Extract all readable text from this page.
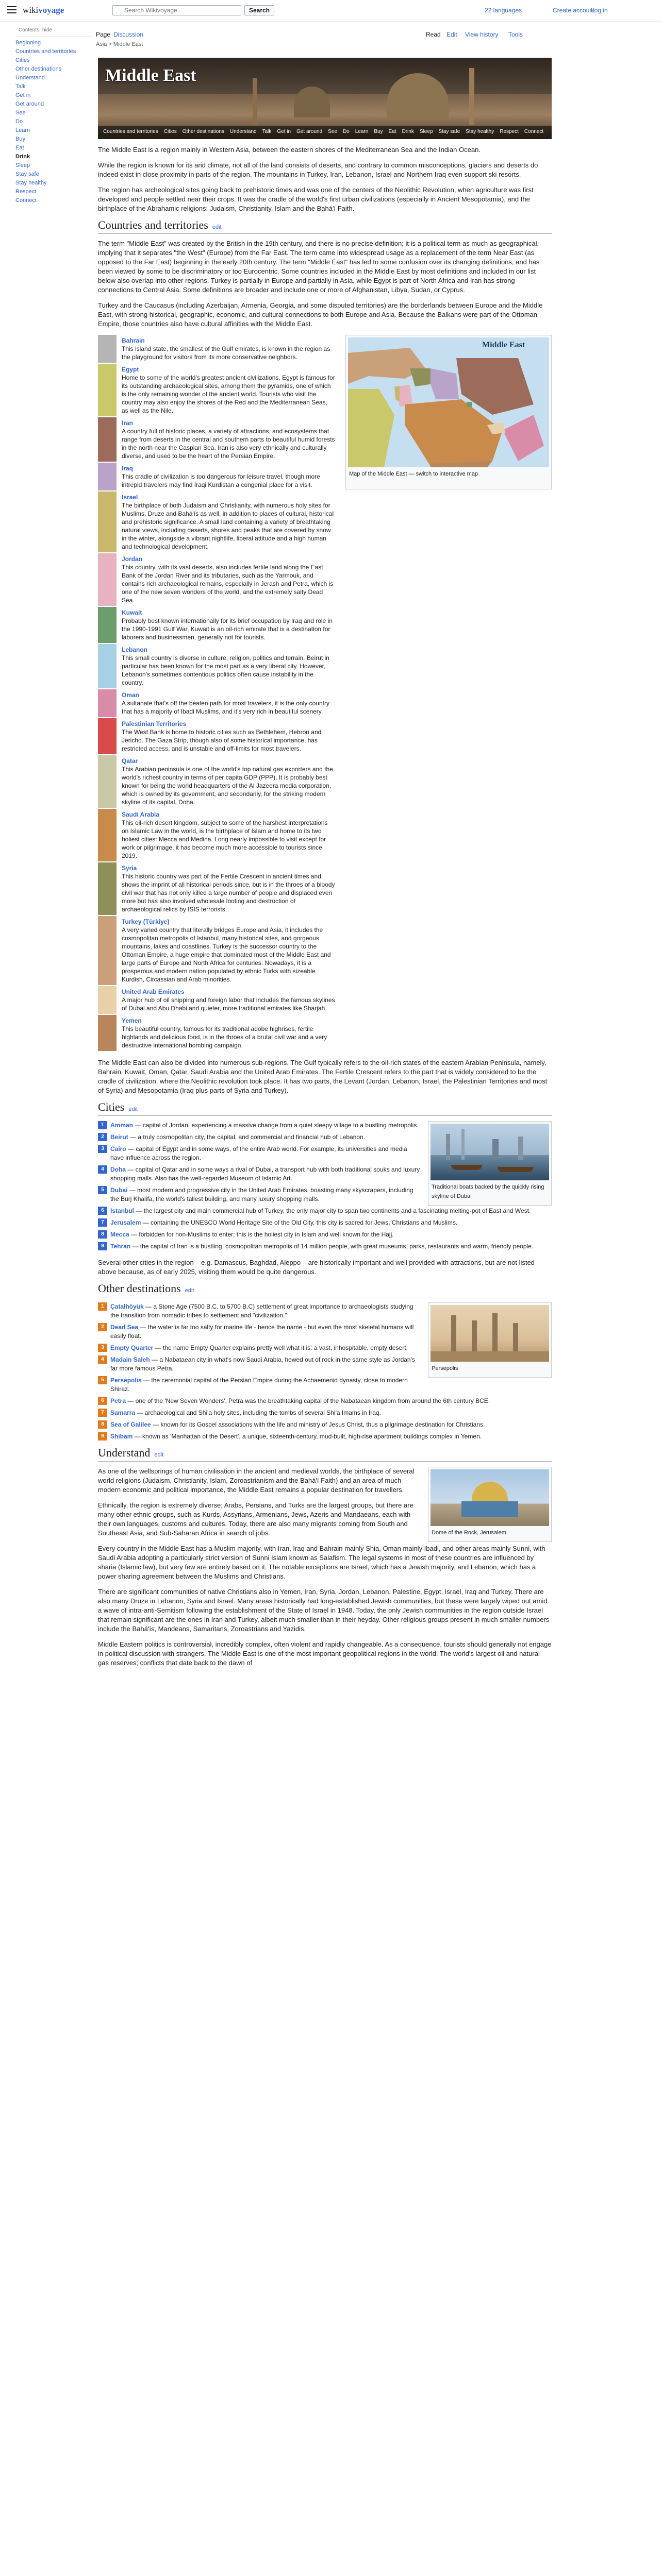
wikivoyage
Search Wikivoyage	Search	22 languages	Create account
Log in
Contents hide
Beginning
Countries and territories
Cities
Other destinations
Understand
Talk
Get in
Get around
See
Do
Learn
Buy
Eat
Drink
Sleep
Stay safe
Stay healthy
Respect
Connect
Page Discussion	Read Edit View history Tools
Asia > Middle East
Middle East
Countries and territories Cities Other destinations Understand Talk Get in Get around See Do Learn Buy Eat Drink Sleep Stay safe Stay healthy Respect Connect

The Middle East is a region mainly in Western Asia, between the eastern shores of the Mediterranean Sea and the Indian Ocean.

While the region is known for its arid climate, not all of the land consists of deserts, and contrary to common misconceptions, glaciers and deserts do indeed exist in close proximity in parts of the region. The mountains in Turkey, Iran, Lebanon, Israel and Northern Iraq even support ski resorts.

The region has archeological sites going back to prehistoric times and was one of the centers of the Neolithic Revolution, when agriculture was first developed and people settled near their crops. It was the cradle of the world's first urban civilizations (especially in Ancient Mesopotamia), and the birthplace of the Abrahamic religions: Judaism, Christianity, Islam and the Bahá'í Faith.

Countries and territories edit

The term "Middle East" was created by the British in the 19th century, and there is no precise definition; it is a political term as much as geographical, implying that it separates "the West" (Europe) from the Far East. The term came into widespread usage as a replacement of the term Near East (as opposed to the Far East) beginning in the early 20th century. The term "Middle East" has led to some confusion over its changing definitions, and has been viewed by some to be discriminatory or too Eurocentric. Some countries included in the Middle East by most definitions and included in our list below also overlap into other regions. Turkey is partially in Europe and partially in Asia, while Egypt is part of North Africa and Iran has strong connections to Central Asia. Some definitions are broader and include one or more of Afghanistan, Libya, Sudan, or Cyprus.

Turkey and the Caucasus (including Azerbaijan, Armenia, Georgia, and some disputed territories) are the borderlands between Europe and the Middle East, with strong historical, geographic, economic, and cultural connections to both Europe and Asia. Because the Balkans were part of the Ottoman Empire, those countries also have cultural affinities with the Middle East.

Middle East
Map of the Middle East — switch to interactive map
Bahrain
This island state, the smallest of the Gulf emirates, is known in the region as the playground for visitors from its more conservative neighbors.
Egypt
Home to some of the world's greatest ancient civilizations, Egypt is famous for its outstanding archaeological sites, among them the pyramids, one of which is the only remaining wonder of the ancient world. Tourists who visit the country may also enjoy the shores of the Red and the Mediterranean Seas, as well as the Nile.
Iran
A country full of historic places, a variety of attractions, and ecosystems that range from deserts in the central and southern parts to beautiful humid forests in the north near the Caspian Sea. Iran is also very ethnically and culturally diverse, and used to be the heart of the Persian Empire.
Iraq
This cradle of civilization is too dangerous for leisure travel, though more intrepid travelers may find Iraqi Kurdistan a congenial place for a visit.
Israel
The birthplace of both Judaism and Christianity, with numerous holy sites for Muslims, Druze and Bahá'ís as well, in addition to places of cultural, historical and prehistoric significance. A small land containing a variety of breathtaking natural views, including deserts, shores and peaks that are covered by snow in the winter, alongside a vibrant nightlife, liberal attitude and a high human and technological development.
Jordan
This country, with its vast deserts, also includes fertile land along the East Bank of the Jordan River and its tributaries, such as the Yarmouk, and contains rich archaeological remains, especially in Jerash and Petra, which is one of the new seven wonders of the world, and the extremely salty Dead Sea.
Kuwait
Probably best known internationally for its brief occupation by Iraq and role in the 1990-1991 Gulf War, Kuwait is an oil-rich emirate that is a destination for laborers and businessmen, generally not for tourists.
Lebanon
This small country is diverse in culture, religion, politics and terrain. Beirut in particular has been known for the most part as a very liberal city. However, Lebanon's sometimes contentious politics often cause instability in the country.
Oman
A sultanate that's off the beaten path for most travelers, it is the only country that has a majority of Ibadi Muslims, and it's very rich in beautiful scenery.
Palestinian Territories
The West Bank is home to historic cities such as Bethlehem, Hebron and Jericho. The Gaza Strip, though also of some historical importance, has restricted access, and is unstable and off-limits for most travelers.
Qatar
This Arabian peninsula is one of the world's top natural gas exporters and the world's richest country in terms of per capita GDP (PPP). It is probably best known for being the world headquarters of the Al Jazeera media corporation, which is owned by its government, and secondarily, for the striking modern skyline of its capital, Doha.
Saudi Arabia
This oil-rich desert kingdom, subject to some of the harshest interpretations on Islamic Law in the world, is the birthplace of Islam and home to its two holiest cities: Mecca and Medina. Long nearly impossible to visit except for work or pilgrimage, it has become much more accessible to tourists since 2019.
Syria
This historic country was part of the Fertile Crescent in ancient times and shows the imprint of all historical periods since, but is in the throes of a bloody civil war that has not only killed a large number of people and displaced even more but has also involved wholesale looting and destruction of archaeological relics by ISIS terrorists.
Turkey (Türkiye)
A very varied country that literally bridges Europe and Asia, it includes the cosmopolitan metropolis of Istanbul, many historical sites, and gorgeous mountains, lakes and coastlines. Turkey is the successor country to the Ottoman Empire, a huge empire that dominated most of the Middle East and large parts of Europe and North Africa for centuries. Nowadays, it is a prosperous and modern nation populated by ethnic Turks with sizeable Kurdish, Circassian and Arab minorities.
United Arab Emirates
A major hub of oil shipping and foreign labor that includes the famous skylines of Dubai and Abu Dhabi and quieter, more traditional emirates like Sharjah.
Yemen
This beautiful country, famous for its traditional adobe highrises, fertile highlands and delicious food, is in the throes of a brutal civil war and a very destructive international bombing campaign.

The Middle East can also be divided into numerous sub-regions. The Gulf typically refers to the oil-rich states of the eastern Arabian Peninsula, namely, Bahrain, Kuwait, Oman, Qatar, Saudi Arabia and the United Arab Emirates. The Fertile Crescent refers to the part that is widely considered to be the cradle of civilization, where the Neolithic revolution took place. It has two parts, the Levant (Jordan, Lebanon, Israel, the Palestinian Territories and most of Syria) and Mesopotamia (Iraq plus parts of Syria and Turkey).

Cities edit
Traditional boats backed by the quickly rising skyline of Dubai
1	Amman — capital of Jordan, experiencing a massive change from a quiet sleepy village to a bustling metropolis.
2	Beirut — a truly cosmopolitan city, the capital, and commercial and financial hub of Lebanon.
3	Cairo — capital of Egypt and in some ways, of the entire Arab world. For example, its universities and media have influence across the region.
4	Doha — capital of Qatar and in some ways a rival of Dubai, a transport hub with both traditional souks and luxury shopping malls. Also has the well-regarded Museum of Islamic Art.
5	Dubai — most modern and progressive city in the United Arab Emirates, boasting many skyscrapers, including the Burj Khalifa, the world's tallest building, and many luxury shopping malls.
6	Istanbul — the largest city and main commercial hub of Turkey, the only major city to span two continents and a fascinating melting-pot of East and West.
7	Jerusalem — containing the UNESCO World Heritage Site of the Old City, this city is sacred for Jews, Christians and Muslims.
8	Mecca — forbidden for non-Muslims to enter; this is the holiest city in Islam and well known for the Hajj.
9	Tehran — the capital of Iran is a bustling, cosmopolitan metropolis of 14 million people, with great museums, parks, restaurants and warm, friendly people.

Several other cities in the region – e.g. Damascus, Baghdad, Aleppo – are historically important and well provided with attractions, but are not listed above because, as of early 2025, visiting them would be quite dangerous.

Other destinations edit
Persepolis
1	Çatalhöyük — a Stone Age (7500 B.C. to 5700 B.C) settlement of great importance to archaeologists studying the transition from nomadic tribes to settlement and "civilization."
2	Dead Sea — the water is far too salty for marine life - hence the name - but even the most skeletal humans will easily float.
3	Empty Quarter — the name Empty Quarter explains pretty well what it is: a vast, inhospitable, empty desert.
4	Madain Saleh — a Nabataean city in what's now Saudi Arabia, hewed out of rock in the same style as Jordan's far more famous Petra.
5	Persepolis — the ceremonial capital of the Persian Empire during the Achaemenid dynasty, close to modern Shiraz.
6	Petra — one of the 'New Seven Wonders', Petra was the breathtaking capital of the Nabataean kingdom from around the 6th century BCE.
7	Samarra — archaeological and Shi'a holy sites, including the tombs of several Shi'a Imams in Iraq.
8	Sea of Galilee — known for its Gospel associations with the life and ministry of Jesus Christ, thus a pilgrimage destination for Christians.
9	Shibam — known as 'Manhattan of the Desert', a unique, sixteenth-century, mud-built, high-rise apartment buildings complex in Yemen.
Understand edit
Dome of the Rock, Jerusalem

As one of the wellsprings of human civilisation in the ancient and medieval worlds, the birthplace of several world religions (Judaism, Christianity, Islam, Zoroastrianism and the Bahá'í Faith) and an area of much modern economic and political importance, the Middle East remains a popular destination for travellers.

Ethnically, the region is extremely diverse; Arabs, Persians, and Turks are the largest groups, but there are many other ethnic groups, such as Kurds, Assyrians, Armenians, Jews, Azeris and Mandaeans, each with their own languages, customs and cultures. Today, there are also many migrants coming from South and Southeast Asia, and Sub-Saharan Africa in search of jobs.

Every country in the Middle East has a Muslim majority, with Iran, Iraq and Bahrain mainly Shia, Oman mainly Ibadi, and other areas mainly Sunni, with Saudi Arabia adopting a particularly strict version of Sunni Islam known as Salafism. The legal systems in most of these countries are influenced by sharia (Islamic law), but very few are entirely based on it. The notable exceptions are Israel, which has a Jewish majority, and Lebanon, which has a power sharing agreement between the Muslims and Christians.

There are significant communities of native Christians also in Yemen, Iran, Syria, Jordan, Lebanon, Palestine, Egypt, Israel, Iraq and Turkey. There are also many Druze in Lebanon, Syria and Israel. Many areas historically had long-established Jewish communities, but these were largely wiped out amid a wave of intra-anti-Semitism following the establishment of the State of Israel in 1948. Today, the only Jewish communities in the region outside Israel that remain significant are the ones in Iran and Turkey, albeit much smaller than in their heyday. Other religious groups present in much smaller numbers include the Bahá'ís, Mandeans, Samaritans, Zoroastrians and Yazidis.

Middle Eastern politics is controversial, incredibly complex, often violent and rapidly changeable. As a consequence, tourists should generally not engage in political discussion with strangers. The Middle East is one of the most important geopolitical regions in the world. The world's largest oil and natural gas reserves; conflicts that date back to the dawn of
